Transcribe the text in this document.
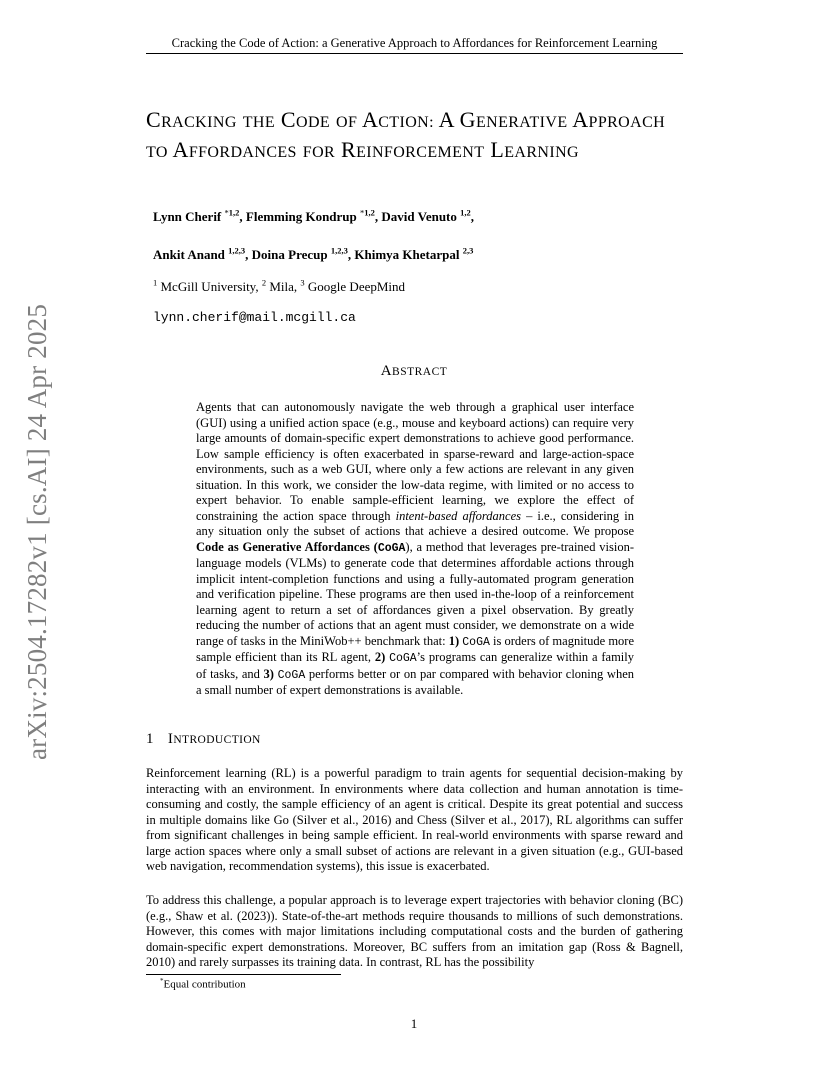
Cracking the Code of Action: a Generative Approach to Affordances for Reinforcement Learning
arXiv:2504.17282v1 [cs.AI] 24 Apr 2025
CRACKING THE CODE OF ACTION: A GENERATIVE APPROACH TO AFFORDANCES FOR REINFORCEMENT LEARNING
Lynn Cherif $^{*1,2}$, Flemming Kondrup $^{*1,2}$, David Venuto $^{1,2}$,
Ankit Anand $^{1,2,3}$, Doina Precup $^{1,2,3}$, Khimya Khetarpal $^{2,3}$
$^1$ McGill University, $^2$ Mila, $^3$ Google DeepMind
lynn.cherif@mail.mcgill.ca
ABSTRACT
Agents that can autonomously navigate the web through a graphical user interface (GUI) using a unified action space (e.g., mouse and keyboard actions) can require very large amounts of domain-specific expert demonstrations to achieve good performance. Low sample efficiency is often exacerbated in sparse-reward and large-action-space environments, such as a web GUI, where only a few actions are relevant in any given situation. In this work, we consider the low-data regime, with limited or no access to expert behavior. To enable sample-efficient learning, we explore the effect of constraining the action space through intent-based affordances – i.e., considering in any situation only the subset of actions that achieve a desired outcome. We propose Code as Generative Affordances (CoGA), a method that leverages pre-trained vision-language models (VLMs) to generate code that determines affordable actions through implicit intent-completion functions and using a fully-automated program generation and verification pipeline. These programs are then used in-the-loop of a reinforcement learning agent to return a set of affordances given a pixel observation. By greatly reducing the number of actions that an agent must consider, we demonstrate on a wide range of tasks in the MiniWob++ benchmark that: 1) CoGA is orders of magnitude more sample efficient than its RL agent, 2) CoGA’s programs can generalize within a family of tasks, and 3) CoGA performs better or on par compared with behavior cloning when a small number of expert demonstrations is available.
1 INTRODUCTION

Reinforcement learning (RL) is a powerful paradigm to train agents for sequential decision-making by interacting with an environment. In environments where data collection and human annotation is time-consuming and costly, the sample efficiency of an agent is critical. Despite its great potential and success in multiple domains like Go (Silver et al., 2016) and Chess (Silver et al., 2017), RL algorithms can suffer from significant challenges in being sample efficient. In real-world environments with sparse reward and large action spaces where only a small subset of actions are relevant in a given situation (e.g., GUI-based web navigation, recommendation systems), this issue is exacerbated.

To address this challenge, a popular approach is to leverage expert trajectories with behavior cloning (BC) (e.g., Shaw et al. (2023)). State-of-the-art methods require thousands to millions of such demonstrations. However, this comes with major limitations including computational costs and the burden of gathering domain-specific expert demonstrations. Moreover, BC suffers from an imitation gap (Ross & Bagnell, 2010) and rarely surpasses its training data. In contrast, RL has the possibility

*Equal contribution
1
